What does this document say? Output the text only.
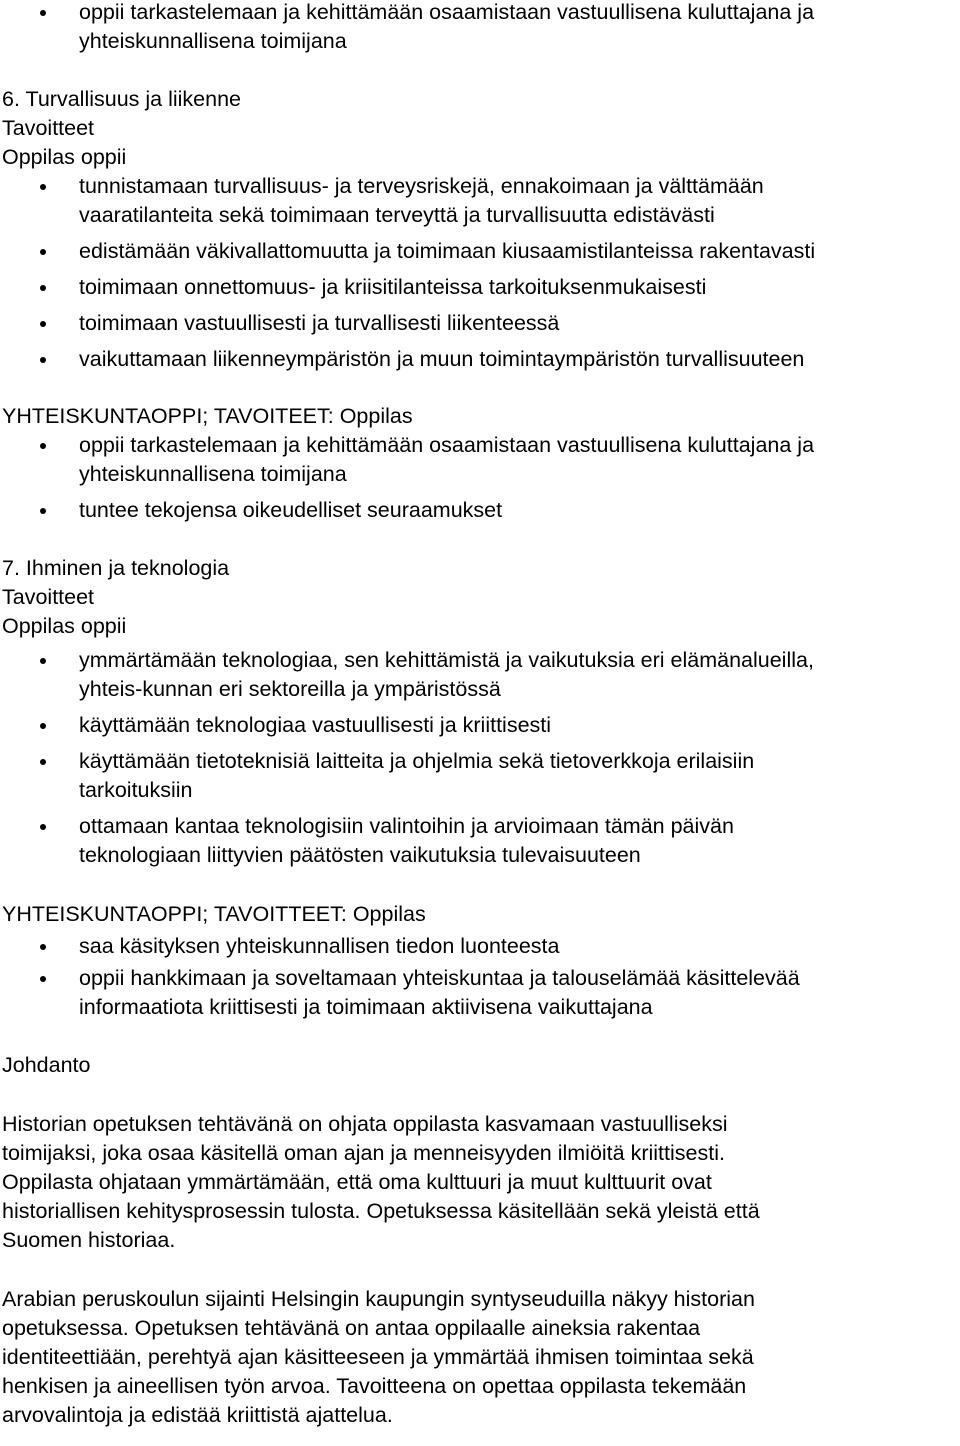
oppii tarkastelemaan ja kehittämään osaamistaan vastuullisena kuluttajana ja
yhteiskunnallisena toimijana

6. Turvallisuus ja liikenne

Tavoitteet

Oppilas oppii

tunnistamaan turvallisuus- ja terveysriskejä, ennakoimaan ja välttämään
vaaratilanteita sekä toimimaan terveyttä ja turvallisuutta edistävästi
edistämään väkivallattomuutta ja toimimaan kiusaamistilanteissa rakentavasti
toimimaan onnettomuus- ja kriisitilanteissa tarkoituksenmukaisesti
toimimaan vastuullisesti ja turvallisesti liikenteessä
vaikuttamaan liikenneympäristön ja muun toimintaympäristön turvallisuuteen

YHTEISKUNTAOPPI; TAVOITEET: Oppilas

oppii tarkastelemaan ja kehittämään osaamistaan vastuullisena kuluttajana ja
yhteiskunnallisena toimijana
tuntee tekojensa oikeudelliset seuraamukset

7. Ihminen ja teknologia

Tavoitteet

Oppilas oppii

ymmärtämään teknologiaa, sen kehittämistä ja vaikutuksia eri elämänalueilla,
yhteis-kunnan eri sektoreilla ja ympäristössä
käyttämään teknologiaa vastuullisesti ja kriittisesti
käyttämään tietoteknisiä laitteita ja ohjelmia sekä tietoverkkoja erilaisiin
tarkoituksiin
ottamaan kantaa teknologisiin valintoihin ja arvioimaan tämän päivän
teknologiaan liittyvien päätösten vaikutuksia tulevaisuuteen

YHTEISKUNTAOPPI; TAVOITTEET: Oppilas

saa käsityksen yhteiskunnallisen tiedon luonteesta
oppii hankkimaan ja soveltamaan yhteiskuntaa ja talouselämää käsittelevää
informaatiota kriittisesti ja toimimaan aktiivisena vaikuttajana

Johdanto

Historian opetuksen tehtävänä on ohjata oppilasta kasvamaan vastuulliseksi
toimijaksi, joka osaa käsitellä oman ajan ja menneisyyden ilmiöitä kriittisesti.
Oppilasta ohjataan ymmärtämään, että oma kulttuuri ja muut kulttuurit ovat
historiallisen kehitysprosessin tulosta. Opetuksessa käsitellään sekä yleistä että
Suomen historiaa.

Arabian peruskoulun sijainti Helsingin kaupungin syntyseuduilla näkyy historian
opetuksessa. Opetuksen tehtävänä on antaa oppilaalle aineksia rakentaa
identiteettiään, perehtyä ajan käsitteeseen ja ymmärtää ihmisen toimintaa sekä
henkisen ja aineellisen työn arvoa. Tavoitteena on opettaa oppilasta tekemään
arvovalintoja ja edistää kriittistä ajattelua.
